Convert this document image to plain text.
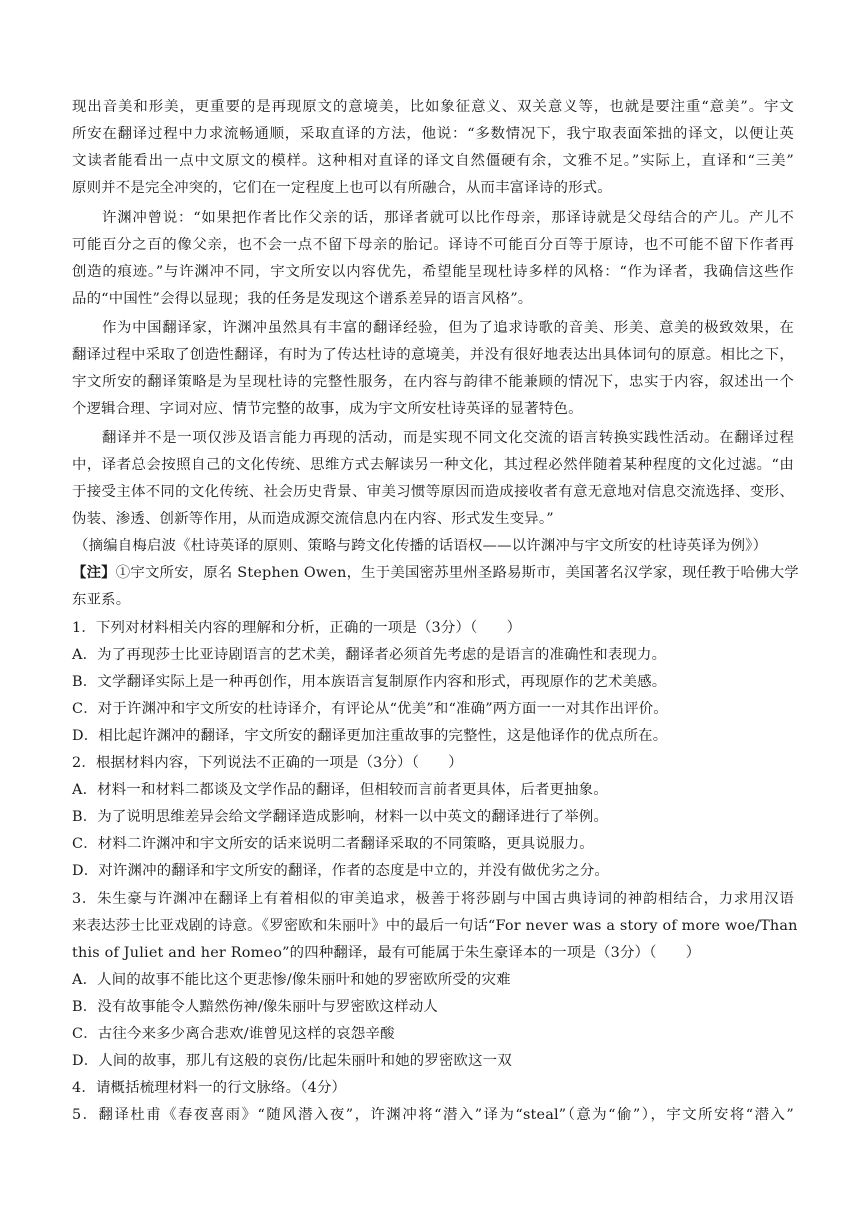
现出音美和形美，更重要的是再现原文的意境美，比如象征意义、双关意义等，也就是要注重“意美”。宇文
所安在翻译过程中力求流畅通顺，采取直译的方法，他说：“多数情况下，我宁取表面笨拙的译文，以便让英
文读者能看出一点中文原文的模样。这种相对直译的译文自然僵硬有余，文雅不足。”实际上，直译和“三美”
原则并不是完全冲突的，它们在一定程度上也可以有所融合，从而丰富译诗的形式。
许渊冲曾说：“如果把作者比作父亲的话，那译者就可以比作母亲，那译诗就是父母结合的产儿。产儿不
可能百分之百的像父亲，也不会一点不留下母亲的胎记。译诗不可能百分百等于原诗，也不可能不留下作者再
创造的痕迹。”与许渊冲不同，宇文所安以内容优先，希望能呈现杜诗多样的风格：“作为译者，我确信这些作
品的“中国性”会得以显现；我的任务是发现这个谱系差异的语言风格”。
作为中国翻译家，许渊冲虽然具有丰富的翻译经验，但为了追求诗歌的音美、形美、意美的极致效果，在
翻译过程中采取了创造性翻译，有时为了传达杜诗的意境美，并没有很好地表达出具体词句的原意。相比之下，
宇文所安的翻译策略是为呈现杜诗的完整性服务，在内容与韵律不能兼顾的情况下，忠实于内容，叙述出一个
个逻辑合理、字词对应、情节完整的故事，成为宇文所安杜诗英译的显著特色。
翻译并不是一项仅涉及语言能力再现的活动，而是实现不同文化交流的语言转换实践性活动。在翻译过程
中，译者总会按照自己的文化传统、思维方式去解读另一种文化，其过程必然伴随着某种程度的文化过滤。“由
于接受主体不同的文化传统、社会历史背景、审美习惯等原因而造成接收者有意无意地对信息交流选择、变形、
伪装、渗透、创新等作用，从而造成源交流信息内在内容、形式发生变异。”
（摘编自梅启波《杜诗英译的原则、策略与跨文化传播的话语权——以许渊冲与宇文所安的杜诗英译为例》）
【注】①宇文所安，原名 Stephen Owen，生于美国密苏里州圣路易斯市，美国著名汉学家，现任教于哈佛大学
东亚系。
1．下列对材料相关内容的理解和分析，正确的一项是（3分）（　　）
A．为了再现莎士比亚诗剧语言的艺术美，翻译者必须首先考虑的是语言的准确性和表现力。
B．文学翻译实际上是一种再创作，用本族语言复制原作内容和形式，再现原作的艺术美感。
C．对于许渊冲和宇文所安的杜诗译介，有评论从“优美”和“准确”两方面一一对其作出评价。
D．相比起许渊冲的翻译，宇文所安的翻译更加注重故事的完整性，这是他译作的优点所在。
2．根据材料内容，下列说法不正确的一项是（3分）（　　）
A．材料一和材料二都谈及文学作品的翻译，但相较而言前者更具体，后者更抽象。
B．为了说明思维差异会给文学翻译造成影响，材料一以中英文的翻译进行了举例。
C．材料二许渊冲和宇文所安的话来说明二者翻译采取的不同策略，更具说服力。
D．对许渊冲的翻译和宇文所安的翻译，作者的态度是中立的，并没有做优劣之分。
3．朱生豪与许渊冲在翻译上有着相似的审美追求，极善于将莎剧与中国古典诗词的神韵相结合，力求用汉语
来表达莎士比亚戏剧的诗意。《罗密欧和朱丽叶》中的最后一句话“For never was a story of more woe/Than
this of Juliet and her Romeo”的四种翻译，最有可能属于朱生豪译本的一项是（3分）（　　）
A．人间的故事不能比这个更悲惨/像朱丽叶和她的罗密欧所受的灾难
B．没有故事能令人黯然伤神/像朱丽叶与罗密欧这样动人
C．古往今来多少离合悲欢/谁曾见这样的哀怨辛酸
D．人间的故事，那儿有这般的哀伤/比起朱丽叶和她的罗密欧这一双
4．请概括梳理材料一的行文脉络。（4分）
5．翻译杜甫《春夜喜雨》“随风潜入夜”，许渊冲将“潜入”译为“steal”（意为“偷”），宇文所安将“潜入”
